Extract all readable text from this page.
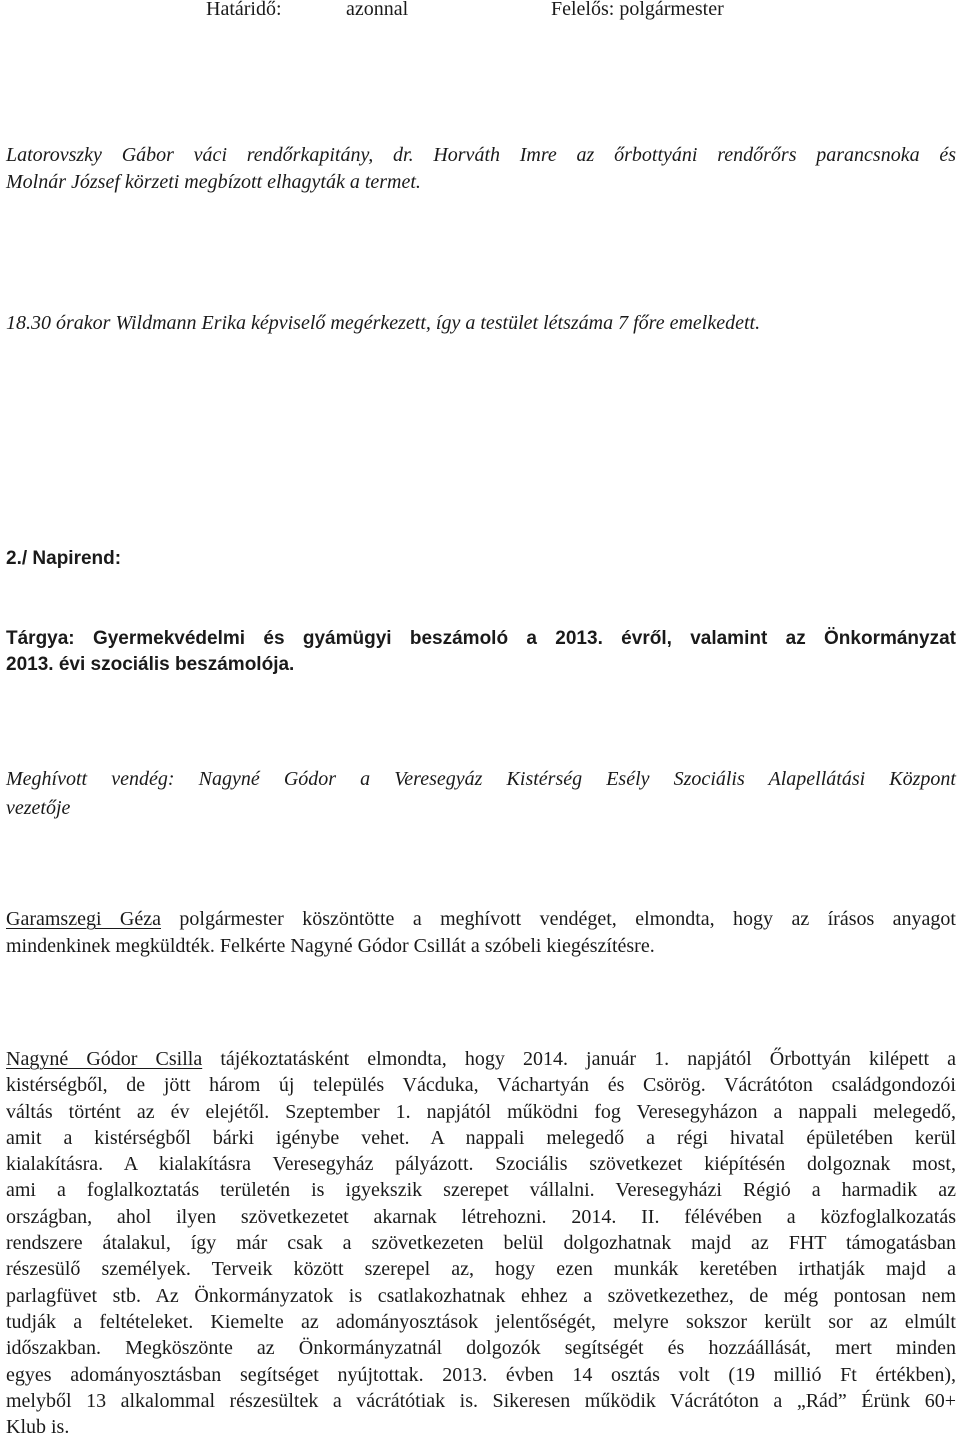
Határidő:	azonnal	Felelős: polgármester
Latorovszky Gábor váci rendőrkapitány, dr. Horváth Imre az őrbottyáni rendőrőrs parancsnoka és
Molnár József körzeti megbízott elhagyták a termet.
18.30 órakor Wildmann Erika képviselő megérkezett, így a testület létszáma 7 főre emelkedett.
2./ Napirend:
Tárgya: Gyermekvédelmi és gyámügyi beszámoló a 2013. évről, valamint az Önkormányzat
2013. évi szociális beszámolója.
Meghívott vendég: Nagyné Gódor a Veresegyáz Kistérség Esély Szociális Alapellátási Központ
vezetője
Garamszegi Géza polgármester köszöntötte a meghívott vendéget, elmondta, hogy az írásos anyagot
mindenkinek megküldték. Felkérte Nagyné Gódor Csillát a szóbeli kiegészítésre.
Nagyné Gódor Csilla tájékoztatásként elmondta, hogy 2014. január 1. napjától Őrbottyán kilépett a
kistérségből, de jött három új település Vácduka, Váchartyán és Csörög. Vácrátóton családgondozói
váltás történt az év elejétől. Szeptember 1. napjától működni fog Veresegyházon a nappali melegedő,
amit a kistérségből bárki igénybe vehet. A nappali melegedő a régi hivatal épületében kerül
kialakításra. A kialakításra Veresegyház pályázott. Szociális szövetkezet kiépítésén dolgoznak most,
ami a foglalkoztatás területén is igyekszik szerepet vállalni. Veresegyházi Régió a harmadik az
országban, ahol ilyen szövetkezetet akarnak létrehozni. 2014. II. félévében a közfoglalkozatás
rendszere átalakul, így már csak a szövetkezeten belül dolgozhatnak majd az FHT támogatásban
részesülő személyek. Terveik között szerepel az, hogy ezen munkák keretében irthatják majd a
parlagfüvet stb. Az Önkormányzatok is csatlakozhatnak ehhez a szövetkezethez, de még pontosan nem
tudják a feltételeket. Kiemelte az adományosztások jelentőségét, melyre sokszor került sor az elmúlt
időszakban. Megköszönte az Önkormányzatnál dolgozók segítségét és hozzáállását, mert minden
egyes adományosztásban segítséget nyújtottak. 2013. évben 14 osztás volt (19 millió Ft értékben),
melyből 13 alkalommal részesültek a vácrátótiak is. Sikeresen működik Vácrátóton a „Rád” Érünk 60+
Klub is.
